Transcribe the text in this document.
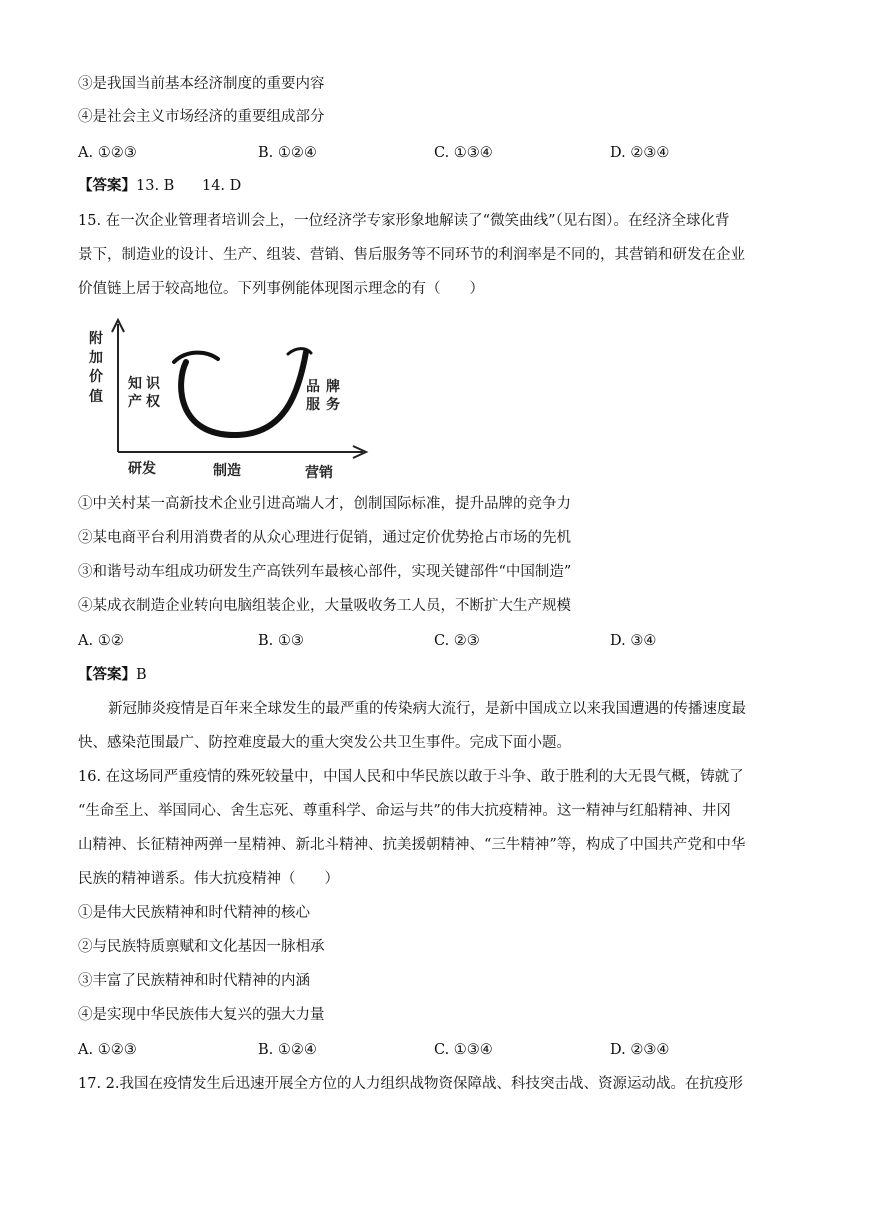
③是我国当前基本经济制度的重要内容
④是社会主义市场经济的重要组成部分
A. ①②③	B. ①②④	C. ①③④	D. ②③④
【答案】13. B      14. D
15. 在一次企业管理者培训会上，一位经济学专家形象地解读了“微笑曲线”（见右图）。在经济全球化背
景下，制造业的设计、生产、组装、营销、售后服务等不同环节的利润率是不同的，其营销和研发在企业
价值链上居于较高地位。下列事例能体现图示理念的有（　　）
附
加
价
值
知 识
产 权
品 牌
服 务
研发	制造	营销
①中关村某一高新技术企业引进高端人才，创制国际标准，提升品牌的竞争力
②某电商平台利用消费者的从众心理进行促销，通过定价优势抢占市场的先机
③和谐号动车组成功研发生产高铁列车最核心部件，实现关键部件“中国制造”
④某成衣制造企业转向电脑组装企业，大量吸收务工人员，不断扩大生产规模
A. ①②	B. ①③	C. ②③	D. ③④
【答案】B
新冠肺炎疫情是百年来全球发生的最严重的传染病大流行，是新中国成立以来我国遭遇的传播速度最
快、感染范围最广、防控难度最大的重大突发公共卫生事件。完成下面小题。
16. 在这场同严重疫情的殊死较量中，中国人民和中华民族以敢于斗争、敢于胜利的大无畏气概，铸就了
“生命至上、举国同心、舍生忘死、尊重科学、命运与共”的伟大抗疫精神。这一精神与红船精神、井冈
山精神、长征精神两弹一星精神、新北斗精神、抗美援朝精神、“三牛精神”等，构成了中国共产党和中华
民族的精神谱系。伟大抗疫精神（　　）
①是伟大民族精神和时代精神的核心
②与民族特质禀赋和文化基因一脉相承
③丰富了民族精神和时代精神的内涵
④是实现中华民族伟大复兴的强大力量
A. ①②③	B. ①②④	C. ①③④	D. ②③④
17. 2.我国在疫情发生后迅速开展全方位的人力组织战物资保障战、科技突击战、资源运动战。在抗疫形
